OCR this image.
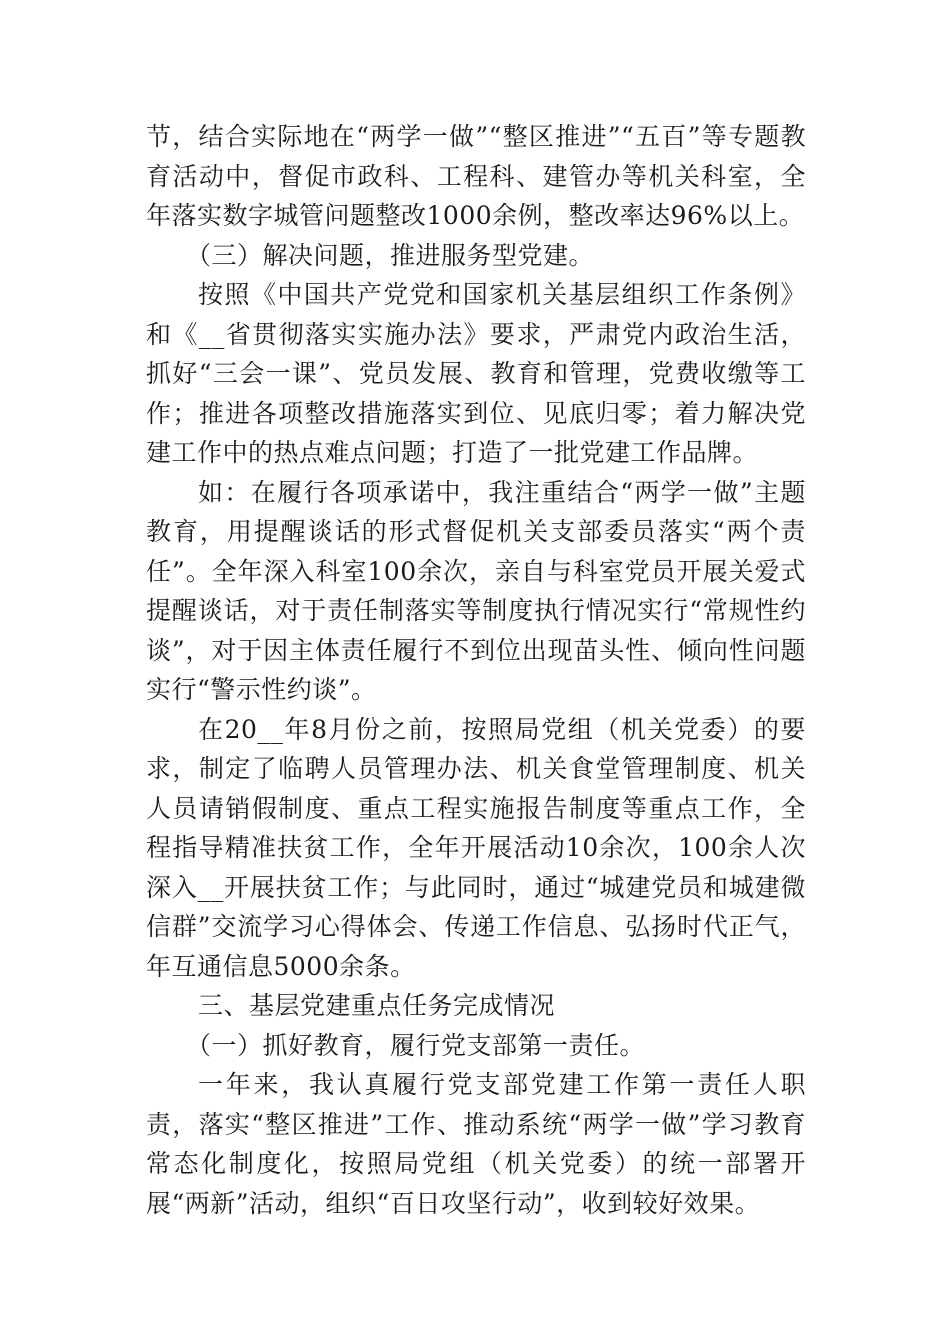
节，结合实际地在“两学一做”“整区推进”“五百”等专题教育活动中，督促市政科、工程科、建管办等机关科室，全年落实数字城管问题整改1000余例，整改率达96%以上。

（三）解决问题，推进服务型党建。

按照《中国共产党党和国家机关基层组织工作条例》和《__省贯彻落实实施办法》要求，严肃党内政治生活，抓好“三会一课”、党员发展、教育和管理，党费收缴等工作；推进各项整改措施落实到位、见底归零；着力解决党建工作中的热点难点问题；打造了一批党建工作品牌。

如：在履行各项承诺中，我注重结合“两学一做”主题教育，用提醒谈话的形式督促机关支部委员落实“两个责任”。全年深入科室100余次，亲自与科室党员开展关爱式提醒谈话，对于责任制落实等制度执行情况实行“常规性约谈”，对于因主体责任履行不到位出现苗头性、倾向性问题实行“警示性约谈”。

在20__年8月份之前，按照局党组（机关党委）的要求，制定了临聘人员管理办法、机关食堂管理制度、机关人员请销假制度、重点工程实施报告制度等重点工作，全程指导精准扶贫工作，全年开展活动10余次，100余人次深入__开展扶贫工作；与此同时，通过“城建党员和城建微信群”交流学习心得体会、传递工作信息、弘扬时代正气，年互通信息5000余条。

三、基层党建重点任务完成情况

（一）抓好教育，履行党支部第一责任。

一年来，我认真履行党支部党建工作第一责任人职责，落实“整区推进”工作、推动系统“两学一做”学习教育常态化制度化，按照局党组（机关党委）的统一部署开展“两新”活动，组织“百日攻坚行动”，收到较好效果。
